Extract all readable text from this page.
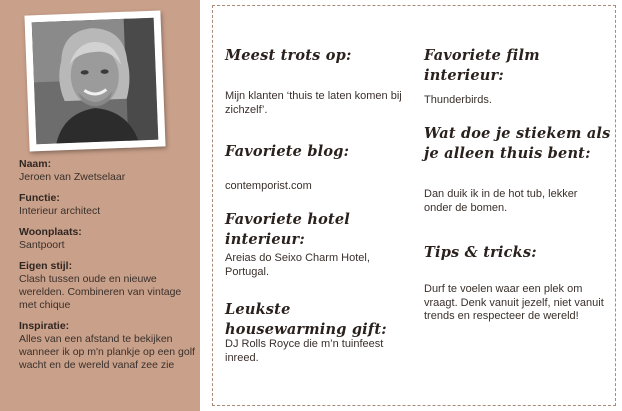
Naam:
Jeroen van Zwetselaar
Functie:
Interieur architect
Woonplaats:
Santpoort
Eigen stijl:
Clash tussen oude en nieuwe werelden. Combineren van vintage met chique
Inspiratie:
Alles van een afstand te bekijken wanneer ik op m'n plankje op een golf wacht en de wereld vanaf zee zie
Meest trots op:
Mijn klanten ‘thuis te laten komen bij zichzelf’.
Favoriete blog:
contemporist.com
Favoriete hotel interieur:
Areias do Seixo Charm Hotel, Portugal.
Leukste housewarming gift:
DJ Rolls Royce die m’n tuinfeest inreed.
Favoriete film interieur:
Thunderbirds.
Wat doe je stiekem als je alleen thuis bent:
Dan duik ik in de hot tub, lekker onder de bomen.
Tips & tricks:
Durf te voelen waar een plek om vraagt. Denk vanuit jezelf, niet vanuit trends en respecteer de wereld!
